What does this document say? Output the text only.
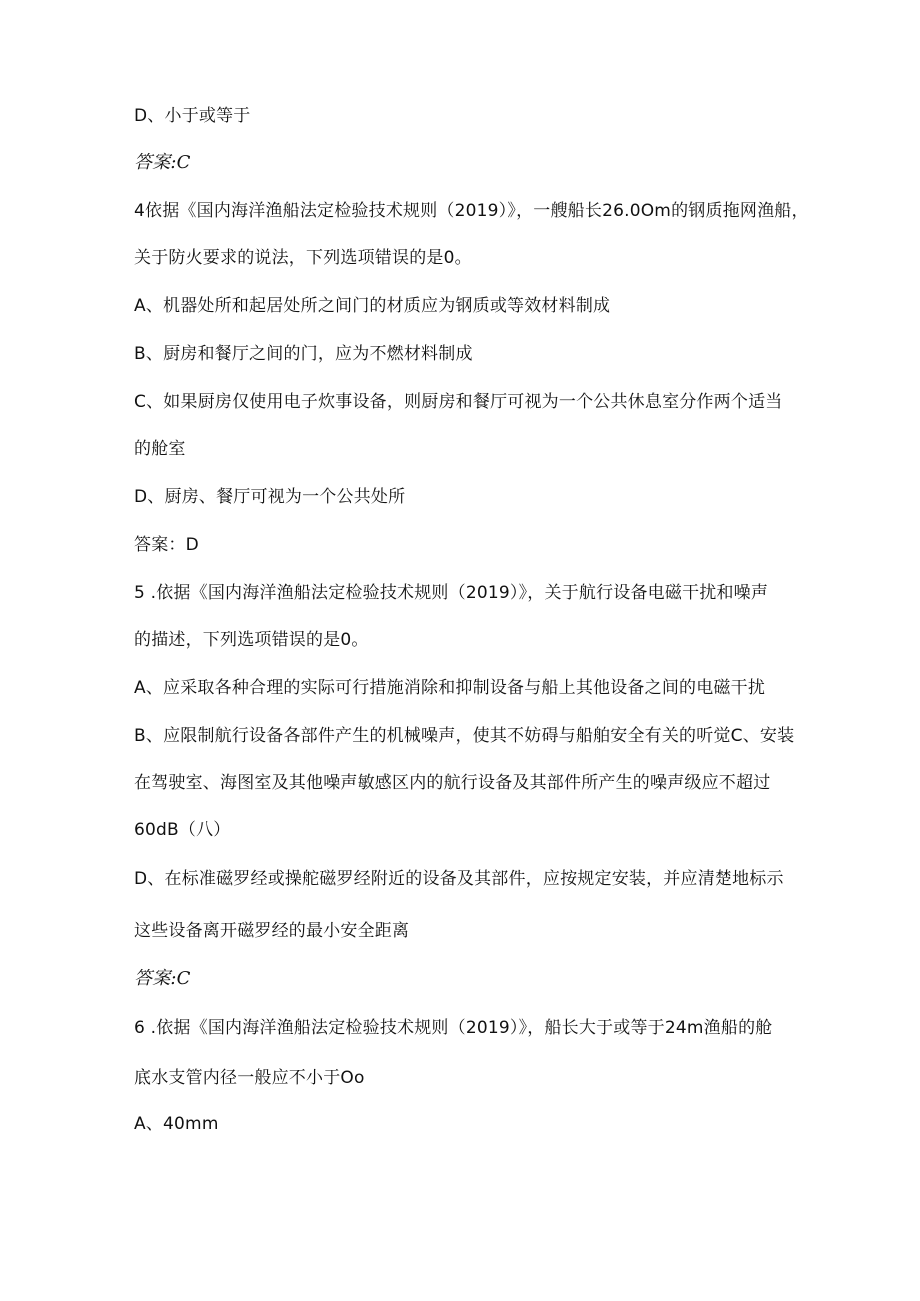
D、小于或等于
答案:C
4依据《国内海洋渔船法定检验技术规则（2019）》，一艘船长26.0Om的钢质拖网渔船，
关于防火要求的说法，下列选项错误的是0。
A、机器处所和起居处所之间门的材质应为钢质或等效材料制成
B、厨房和餐厅之间的门，应为不燃材料制成
C、如果厨房仅使用电子炊事设备，则厨房和餐厅可视为一个公共休息室分作两个适当
的舱室
D、厨房、餐厅可视为一个公共处所
答案：D
5 .依据《国内海洋渔船法定检验技术规则（2019）》，关于航行设备电磁干扰和噪声
的描述，下列选项错误的是0。
A、应采取各种合理的实际可行措施消除和抑制设备与船上其他设备之间的电磁干扰
B、应限制航行设备各部件产生的机械噪声，使其不妨碍与船舶安全有关的听觉C、安装
在驾驶室、海图室及其他噪声敏感区内的航行设备及其部件所产生的噪声级应不超过
60dB（八）
D、在标准磁罗经或操舵磁罗经附近的设备及其部件，应按规定安装，并应清楚地标示
这些设备离开磁罗经的最小安全距离
答案:C
6 .依据《国内海洋渔船法定检验技术规则（2019）》，船长大于或等于24m渔船的舱
底水支管内径一般应不小于Oo
A、40mm
